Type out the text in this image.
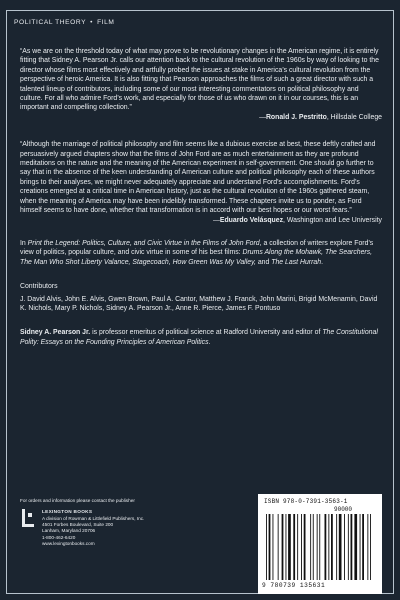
POLITICAL THEORY • FILM

“As we are on the threshold today of what may prove to be revolutionary changes in the American regime, it is entirely fitting that Sidney A. Pearson Jr. calls our attention back to the cultural revolution of the 1960s by way of looking to the director whose films most effectively and artfully probed the issues at stake in America’s cultural revolution from the perspective of heroic America. It is also fitting that Pearson approaches the films of such a great director with such a talented lineup of contributors, including some of our most interesting commentators on political philosophy and culture. For all who admire Ford’s work, and especially for those of us who drawn on it in our courses, this is an important and compelling collection.”

—Ronald J. Pestritto, Hillsdale College

“Although the marriage of political philosophy and film seems like a dubious exercise at best, these deftly crafted and persuasively argued chapters show that the films of John Ford are as much entertainment as they are profound meditations on the nature and the meaning of the American experiment in self-government. One should go further to say that in the absence of the keen understanding of American culture and political philosophy each of these authors brings to their analyses, we might never adequately appreciate and understand Ford’s accomplishments. Ford’s creations emerged at a critical time in American history, just as the cultural revolution of the 1960s gathered steam, when the meaning of America may have been indelibly transformed. These chapters invite us to ponder, as Ford himself seems to have done, whether that transformation is in accord with our best hopes or our worst fears.”

—Eduardo Velásquez, Washington and Lee University

In Print the Legend: Politics, Culture, and Civic Virtue in the Films of John Ford, a collection of writers explore Ford’s view of politics, popular culture, and civic virtue in some of his best films: Drums Along the Mohawk, The Searchers, The Man Who Shot Liberty Valance, Stagecoach, How Green Was My Valley, and The Last Hurrah.
Contributors
J. David Alvis, John E. Alvis, Gwen Brown, Paul A. Cantor, Matthew J. Franck, John Marini, Brigid McMenamin, David K. Nichols, Mary P. Nichols, Sidney A. Pearson Jr., Anne R. Pierce, James F. Pontuso
Sidney A. Pearson Jr. is professor emeritus of political science at Radford University and editor of The Constitutional Polity: Essays on the Founding Principles of American Politics.
For orders and information please contact the publisher
LEXINGTON BOOKS
A division of Rowman & Littlefield Publishers, Inc.
4501 Forbes Boulevard, Suite 200
Lanham, Maryland 20706
1-800-462-6420
www.lexingtonbooks.com
ISBN 978-0-7391-3563-1
90000
9 780739 135631
